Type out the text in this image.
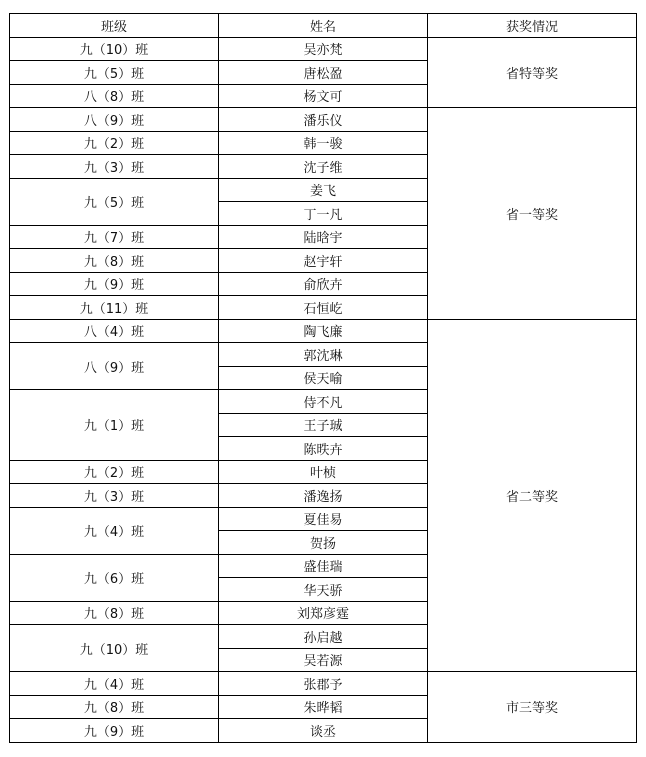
班级	姓名	获奖情况
九（10）班	吴亦梵	省特等奖
九（5）班	唐松盈	
八（8）班	杨文可	
八（9）班	潘乐仪	省一等奖
九（2）班	韩一骏	
九（3）班	沈子维	
九（5）班	姜飞	
	丁一凡	
九（7）班	陆晗宇	
九（8）班	赵宇轩	
九（9）班	俞欣卉	
九（11）班	石恒屹	
八（4）班	陶飞廉	省二等奖
八（9）班	郭沈琳	
	侯天喻	
九（1）班	侍不凡	
	王子珹	
	陈昳卉	
九（2）班	叶桢	
九（3）班	潘逸扬	
九（4）班	夏佳易	
	贺扬	
九（6）班	盛佳瑞	
	华天骄	
九（8）班	刘郑彦霆	
九（10）班	孙启越	
	吴若源	
九（4）班	张郡予	市三等奖
九（8）班	朱晔韬	
九（9）班	谈丞	
